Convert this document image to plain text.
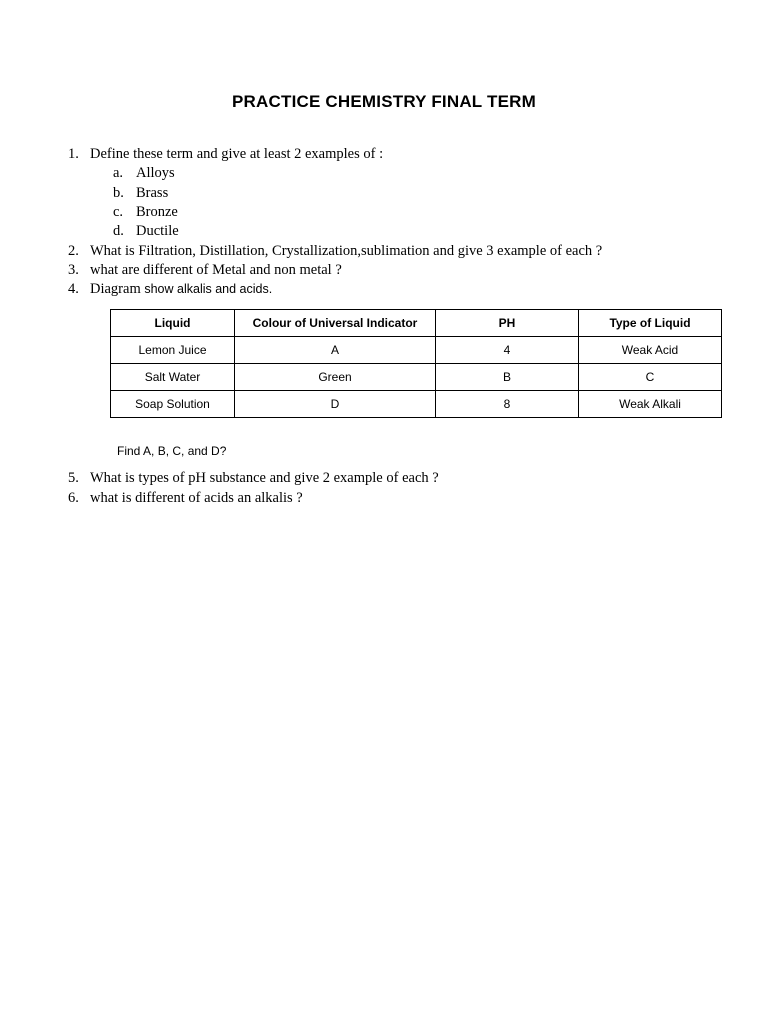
PRACTICE CHEMISTRY FINAL TERM
1. Define these term and give at least 2 examples of :
a. Alloys
b. Brass
c. Bronze
d. Ductile
2. What is Filtration, Distillation, Crystallization,sublimation and give 3 example of each ?
3. what are different of Metal and non metal ?
4. Diagram show alkalis and acids.
Liquid	Colour of Universal Indicator	PH	Type of Liquid
Lemon Juice	A	4	Weak Acid
Salt Water	Green	B	C
Soap Solution	D	8	Weak Alkali
Find A, B, C, and D?
5. What is types of pH substance and give 2 example of each ?
6. what is different of acids an alkalis ?
